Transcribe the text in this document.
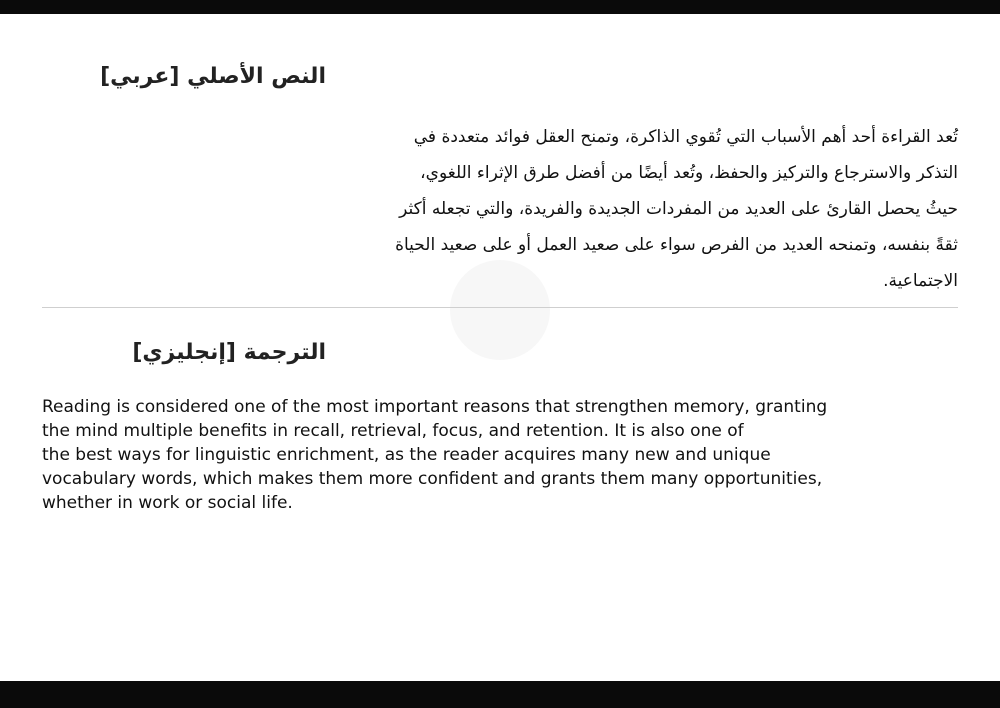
النص الأصلي [عربي]
تُعد القراءة أحد أهم الأسباب التي تُقوي الذاكرة، وتمنح العقل فوائد متعددة في
التذكر والاسترجاع والتركيز والحفظ، وتُعد أيضًا من أفضل طرق الإثراء اللغوي،
حيثُ يحصل القارئ على العديد من المفردات الجديدة والفريدة، والتي تجعله أكثر
ثقةً بنفسه، وتمنحه العديد من الفرص سواء على صعيد العمل أو على صعيد الحياة
الاجتماعية.
الترجمة [إنجليزي]
Reading is considered one of the most important reasons that strengthen memory, granting
the mind multiple benefits in recall, retrieval, focus, and retention. It is also one of
the best ways for linguistic enrichment, as the reader acquires many new and unique
vocabulary words, which makes them more confident and grants them many opportunities,
whether in work or social life.
